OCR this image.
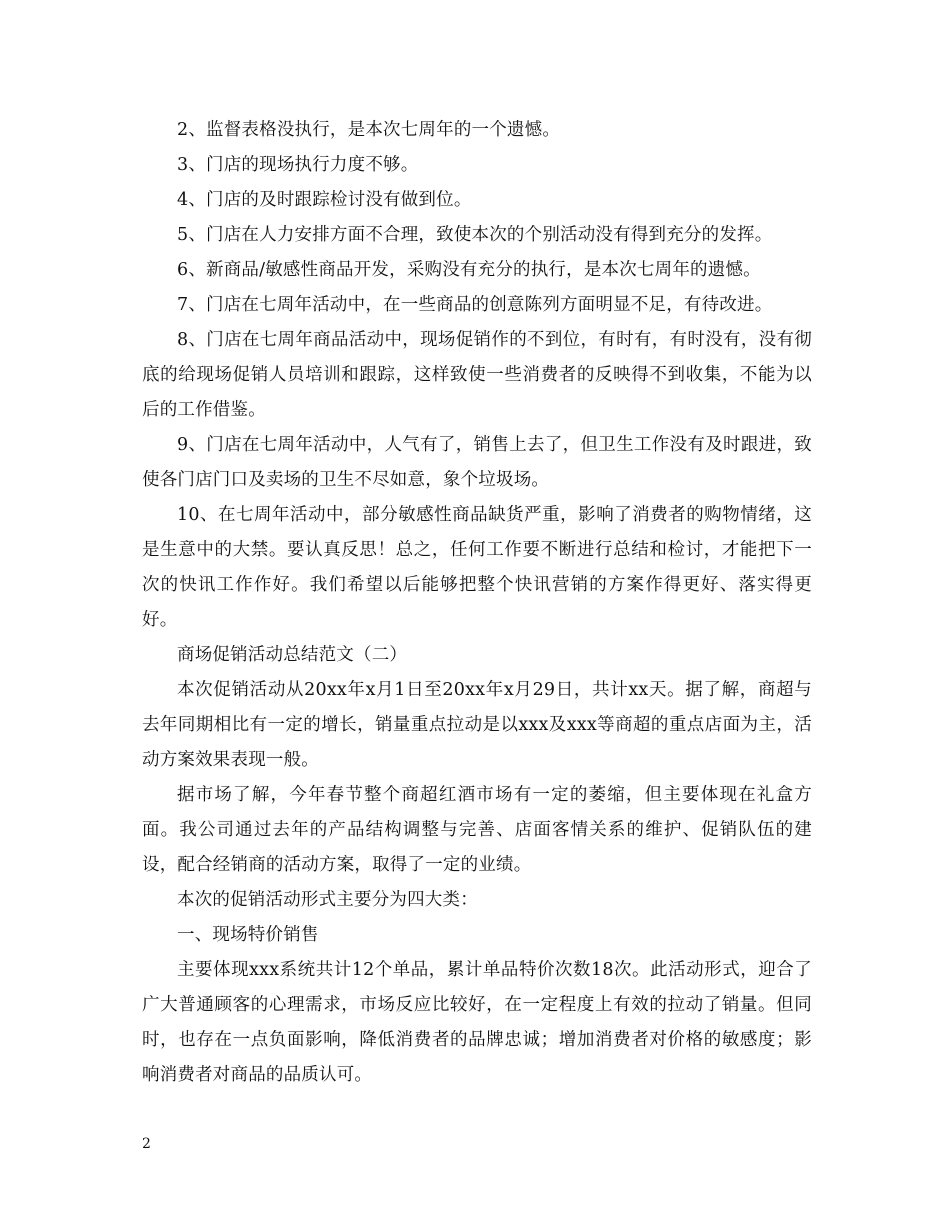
2、监督表格没执行，是本次七周年的一个遗憾。

3、门店的现场执行力度不够。

4、门店的及时跟踪检讨没有做到位。

5、门店在人力安排方面不合理，致使本次的个别活动没有得到充分的发挥。

6、新商品/敏感性商品开发，采购没有充分的执行，是本次七周年的遗憾。

7、门店在七周年活动中，在一些商品的创意陈列方面明显不足，有待改进。

8、门店在七周年商品活动中，现场促销作的不到位，有时有，有时没有，没有彻底的给现场促销人员培训和跟踪，这样致使一些消费者的反映得不到收集，不能为以后的工作借鉴。

9、门店在七周年活动中，人气有了，销售上去了，但卫生工作没有及时跟进，致使各门店门口及卖场的卫生不尽如意，象个垃圾场。

10、在七周年活动中，部分敏感性商品缺货严重，影响了消费者的购物情绪，这是生意中的大禁。要认真反思！总之，任何工作要不断进行总结和检讨，才能把下一次的快讯工作作好。我们希望以后能够把整个快讯营销的方案作得更好、落实得更好。

商场促销活动总结范文（二）

本次促销活动从20xx年x月1日至20xx年x月29日，共计xx天。据了解，商超与去年同期相比有一定的增长，销量重点拉动是以xxx及xxx等商超的重点店面为主，活动方案效果表现一般。

据市场了解，今年春节整个商超红酒市场有一定的萎缩，但主要体现在礼盒方面。我公司通过去年的产品结构调整与完善、店面客情关系的维护、促销队伍的建设，配合经销商的活动方案，取得了一定的业绩。

本次的促销活动形式主要分为四大类：

一、现场特价销售

主要体现xxx系统共计12个单品，累计单品特价次数18次。此活动形式，迎合了广大普通顾客的心理需求，市场反应比较好，在一定程度上有效的拉动了销量。但同时，也存在一点负面影响，降低消费者的品牌忠诚；增加消费者对价格的敏感度；影响消费者对商品的品质认可。

2
